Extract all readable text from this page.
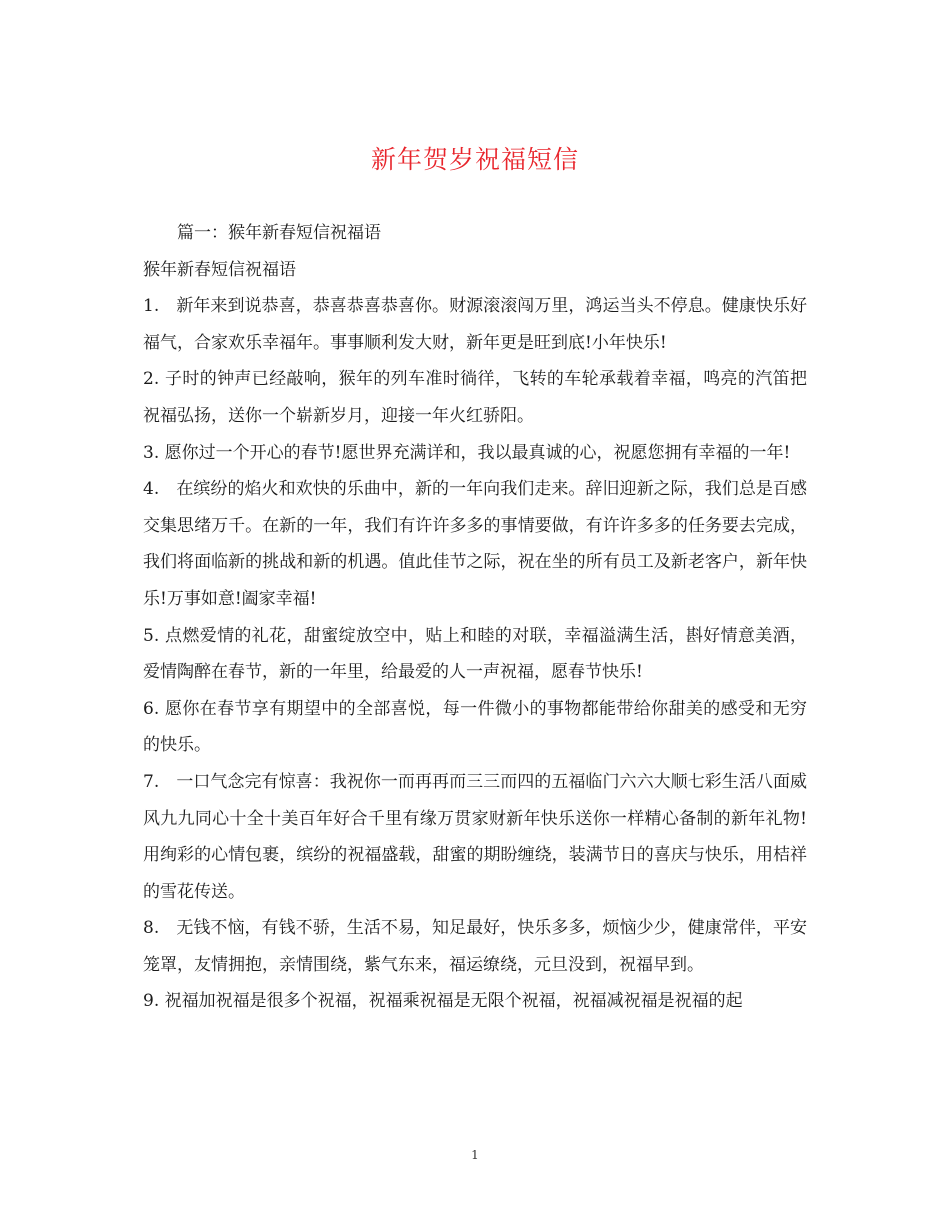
新年贺岁祝福短信

篇一：猴年新春短信祝福语

猴年新春短信祝福语

1.　新年来到说恭喜，恭喜恭喜恭喜你。财源滚滚闯万里，鸿运当头不停息。健康快乐好福气，合家欢乐幸福年。事事顺利发大财，新年更是旺到底!小年快乐!

2. 子时的钟声已经敲响，猴年的列车准时徜徉，飞转的车轮承载着幸福，鸣亮的汽笛把祝福弘扬，送你一个崭新岁月，迎接一年火红骄阳。

3. 愿你过一个开心的春节!愿世界充满详和，我以最真诚的心，祝愿您拥有幸福的一年!

4.　在缤纷的焰火和欢快的乐曲中，新的一年向我们走来。辞旧迎新之际，我们总是百感交集思绪万千。在新的一年，我们有许许多多的事情要做，有许许多多的任务要去完成，我们将面临新的挑战和新的机遇。值此佳节之际，祝在坐的所有员工及新老客户，新年快乐!万事如意!阖家幸福!

5. 点燃爱情的礼花，甜蜜绽放空中，贴上和睦的对联，幸福溢满生活，斟好情意美酒，爱情陶醉在春节，新的一年里，给最爱的人一声祝福，愿春节快乐!

6. 愿你在春节享有期望中的全部喜悦，每一件微小的事物都能带给你甜美的感受和无穷的快乐。

7.　一口气念完有惊喜：我祝你一而再再而三三而四的五福临门六六大顺七彩生活八面威风九九同心十全十美百年好合千里有缘万贯家财新年快乐送你一样精心备制的新年礼物!用绚彩的心情包裹，缤纷的祝福盛载，甜蜜的期盼缠绕，装满节日的喜庆与快乐，用桔祥的雪花传送。

8.　无钱不恼，有钱不骄，生活不易，知足最好，快乐多多，烦恼少少，健康常伴，平安笼罩，友情拥抱，亲情围绕，紫气东来，福运缭绕，元旦没到，祝福早到。

9. 祝福加祝福是很多个祝福，祝福乘祝福是无限个祝福，祝福减祝福是祝福的起

1
